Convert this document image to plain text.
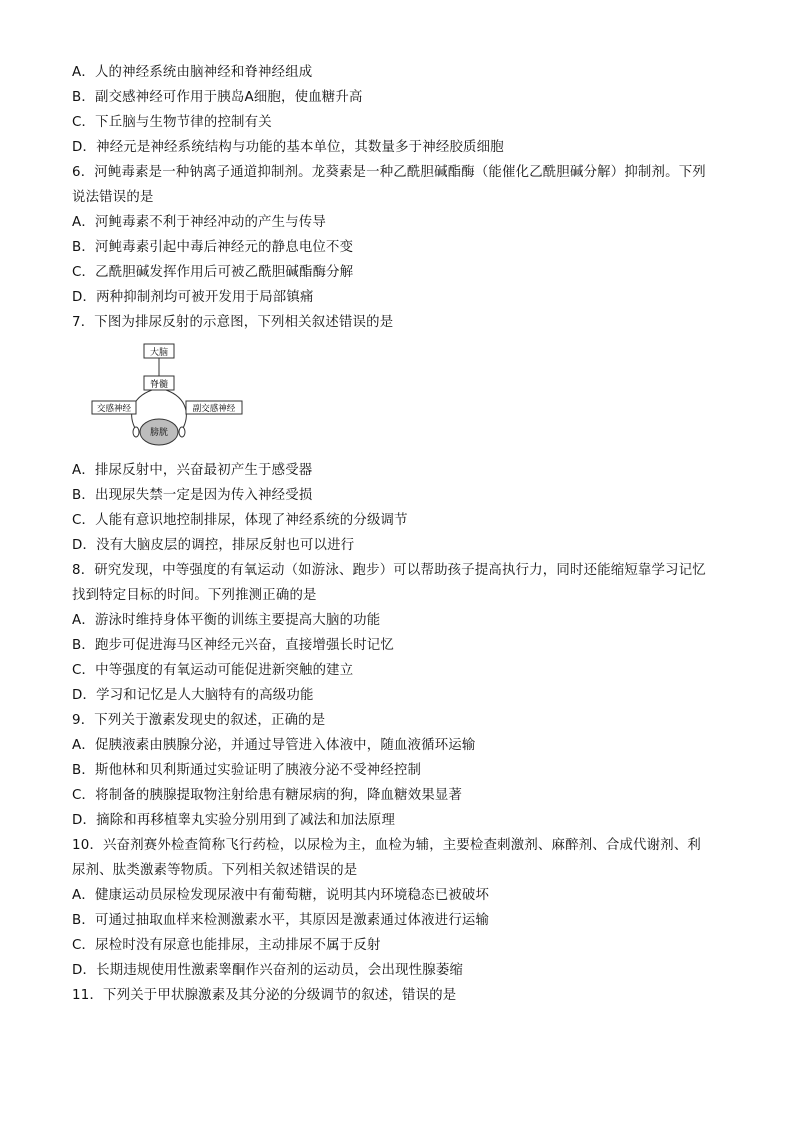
A．人的神经系统由脑神经和脊神经组成
B．副交感神经可作用于胰岛A细胞，使血糖升高
C．下丘脑与生物节律的控制有关
D．神经元是神经系统结构与功能的基本单位，其数量多于神经胶质细胞
6．河鲀毒素是一种钠离子通道抑制剂。龙葵素是一种乙酰胆碱酯酶（能催化乙酰胆碱分解）抑制剂。下列
说法错误的是
A．河鲀毒素不利于神经冲动的产生与传导
B．河鲀毒素引起中毒后神经元的静息电位不变
C．乙酰胆碱发挥作用后可被乙酰胆碱酯酶分解
D．两种抑制剂均可被开发用于局部镇痛
7．下图为排尿反射的示意图，下列相关叙述错误的是
大脑
脊髓
交感神经	副交感神经
膀胱
A．排尿反射中，兴奋最初产生于感受器
B．出现尿失禁一定是因为传入神经受损
C．人能有意识地控制排尿，体现了神经系统的分级调节
D．没有大脑皮层的调控，排尿反射也可以进行
8．研究发现，中等强度的有氧运动（如游泳、跑步）可以帮助孩子提高执行力，同时还能缩短靠学习记忆
找到特定目标的时间。下列推测正确的是
A．游泳时维持身体平衡的训练主要提高大脑的功能
B．跑步可促进海马区神经元兴奋，直接增强长时记忆
C．中等强度的有氧运动可能促进新突触的建立
D．学习和记忆是人大脑特有的高级功能
9．下列关于激素发现史的叙述，正确的是
A．促胰液素由胰腺分泌，并通过导管进入体液中，随血液循环运输
B．斯他林和贝利斯通过实验证明了胰液分泌不受神经控制
C．将制备的胰腺提取物注射给患有糖尿病的狗，降血糖效果显著
D．摘除和再移植睾丸实验分别用到了减法和加法原理
10．兴奋剂赛外检查简称飞行药检，以尿检为主，血检为辅，主要检查刺激剂、麻醉剂、合成代谢剂、利
尿剂、肽类激素等物质。下列相关叙述错误的是
A．健康运动员尿检发现尿液中有葡萄糖，说明其内环境稳态已被破坏
B．可通过抽取血样来检测激素水平，其原因是激素通过体液进行运输
C．尿检时没有尿意也能排尿，主动排尿不属于反射
D．长期违规使用性激素睾酮作兴奋剂的运动员，会出现性腺萎缩
11．下列关于甲状腺激素及其分泌的分级调节的叙述，错误的是
